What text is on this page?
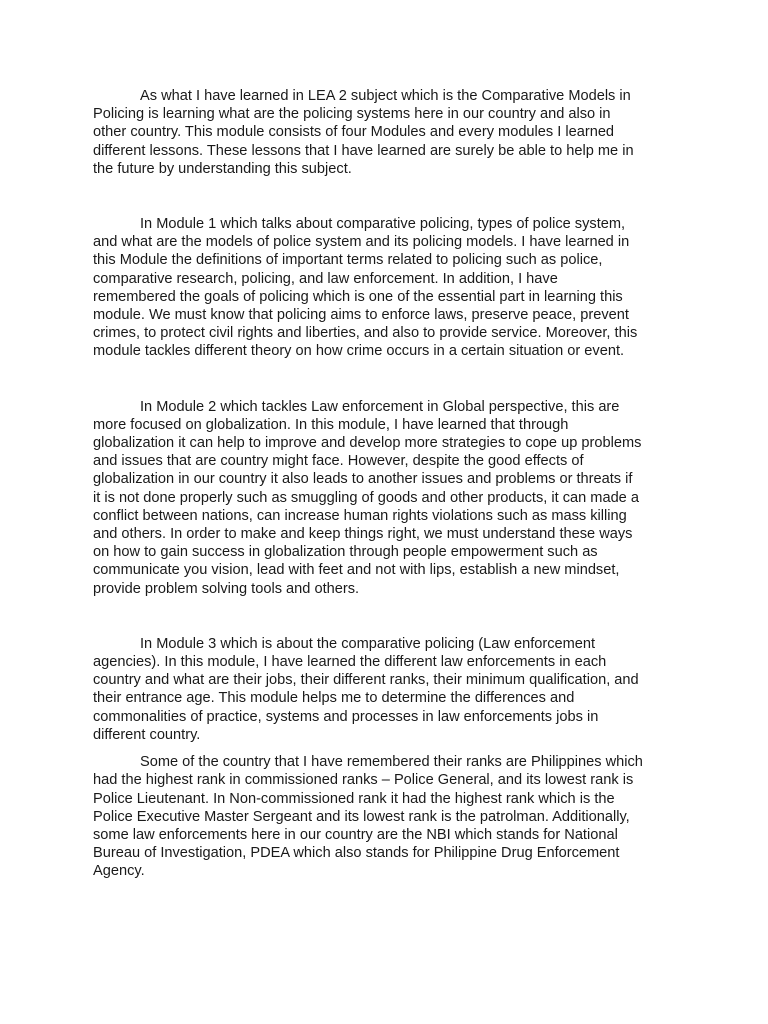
As what I have learned in LEA 2 subject which is the Comparative Models in
Policing is learning what are the policing systems here in our country and also in
other country. This module consists of four Modules and every modules I learned
different lessons. These lessons that I have learned are surely be able to help me in
the future by understanding this subject.

In Module 1 which talks about comparative policing, types of police system,
and what are the models of police system and its policing models. I have learned in
this Module the definitions of important terms related to policing such as police,
comparative research, policing, and law enforcement. In addition, I have
remembered the goals of policing which is one of the essential part in learning this
module. We must know that policing aims to enforce laws, preserve peace, prevent
crimes, to protect civil rights and liberties, and also to provide service. Moreover, this
module tackles different theory on how crime occurs in a certain situation or event.

In Module 2 which tackles Law enforcement in Global perspective, this are
more focused on globalization. In this module, I have learned that through
globalization it can help to improve and develop more strategies to cope up problems
and issues that are country might face. However, despite the good effects of
globalization in our country it also leads to another issues and problems or threats if
it is not done properly such as smuggling of goods and other products, it can made a
conflict between nations, can increase human rights violations such as mass killing
and others. In order to make and keep things right, we must understand these ways
on how to gain success in globalization through people empowerment such as
communicate you vision, lead with feet and not with lips, establish a new mindset,
provide problem solving tools and others.

In Module 3 which is about the comparative policing (Law enforcement
agencies). In this module, I have learned the different law enforcements in each
country and what are their jobs, their different ranks, their minimum qualification, and
their entrance age. This module helps me to determine the differences and
commonalities of practice, systems and processes in law enforcements jobs in
different country.

Some of the country that I have remembered their ranks are Philippines which
had the highest rank in commissioned ranks – Police General, and its lowest rank is
Police Lieutenant. In Non-commissioned rank it had the highest rank which is the
Police Executive Master Sergeant and its lowest rank is the patrolman. Additionally,
some law enforcements here in our country are the NBI which stands for National
Bureau of Investigation, PDEA which also stands for Philippine Drug Enforcement
Agency.
